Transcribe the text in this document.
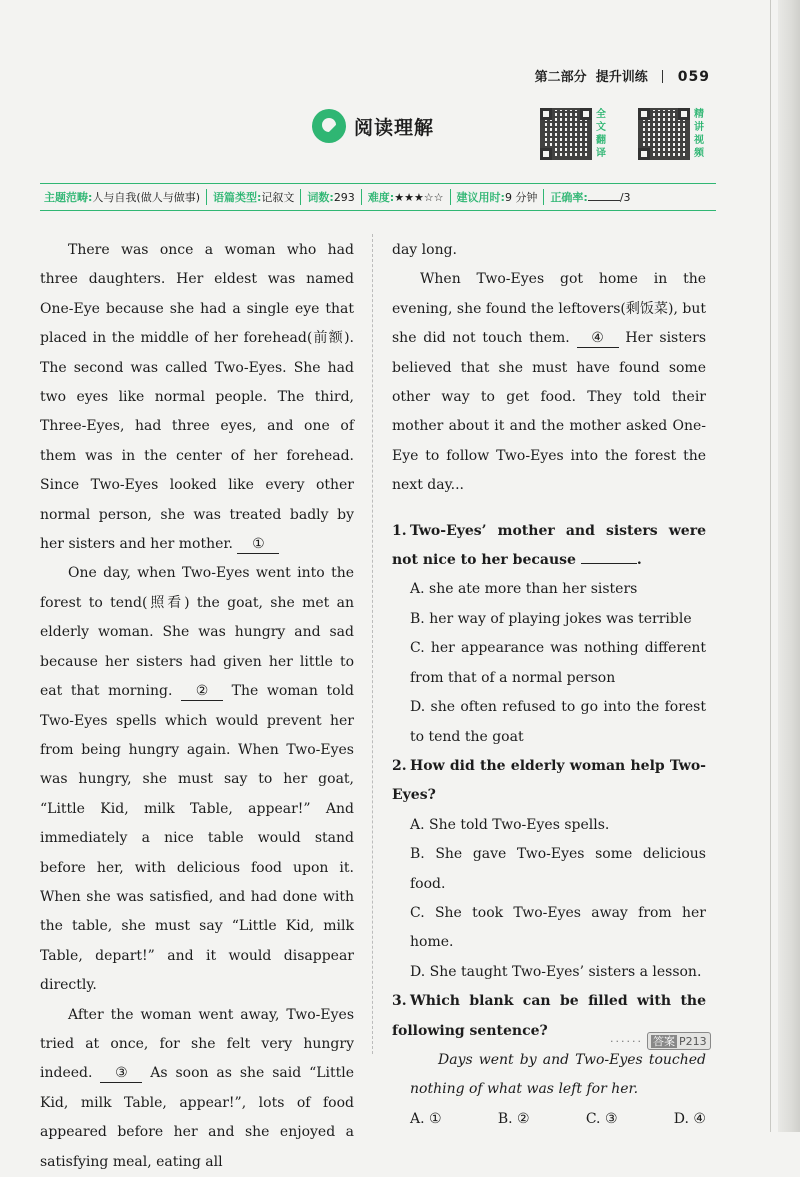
第二部分 提升训练 059
阅读理解
全文翻译
精讲视频
主题范畴:人与自我(做人与做事)	语篇类型:记叙文	词数:293	难度:★★★☆☆	建议用时:9 分钟	正确率:	/3

There was once a woman who had three daughters. Her eldest was named One-Eye because she had a single eye that placed in the middle of her forehead(前额). The second was called Two-Eyes. She had two eyes like normal people. The third, Three-Eyes, had three eyes, and one of them was in the center of her forehead. Since Two-Eyes looked like every other normal person, she was treated badly by her sisters and her mother. ①

One day, when Two-Eyes went into the forest to tend(照看) the goat, she met an elderly woman. She was hungry and sad because her sisters had given her little to eat that morning. ② The woman told Two-Eyes spells which would prevent her from being hungry again. When Two-Eyes was hungry, she must say to her goat, “Little Kid, milk Table, appear!” And immediately a nice table would stand before her, with delicious food upon it. When she was satisfied, and had done with the table, she must say “Little Kid, milk Table, depart!” and it would disappear directly.

After the woman went away, Two-Eyes tried at once, for she felt very hungry indeed. ③ As soon as she said “Little Kid, milk Table, appear!”, lots of food appeared before her and she enjoyed a satisfying meal, eating all

day long.

When Two-Eyes got home in the evening, she found the leftovers(剩饭菜), but she did not touch them. ④ Her sisters believed that she must have found some other way to get food. They told their mother about it and the mother asked One-Eye to follow Two-Eyes into the forest the next day...

1. Two-Eyes’ mother and sisters were not nice to her because	.

A. she ate more than her sisters

B. her way of playing jokes was terrible

C. her appearance was nothing different from that of a normal person

D. she often refused to go into the forest to tend the goat

2. How did the elderly woman help Two-Eyes?

A. She told Two-Eyes spells.

B. She gave Two-Eyes some delicious food.

C. She took Two-Eyes away from her home.

D. She taught Two-Eyes’ sisters a lesson.

3. Which blank can be filled with the following sentence?

Days went by and Two-Eyes touched nothing of what was left for her.

A. ①	B. ②	C. ③	D. ④
······ 答案 P213
